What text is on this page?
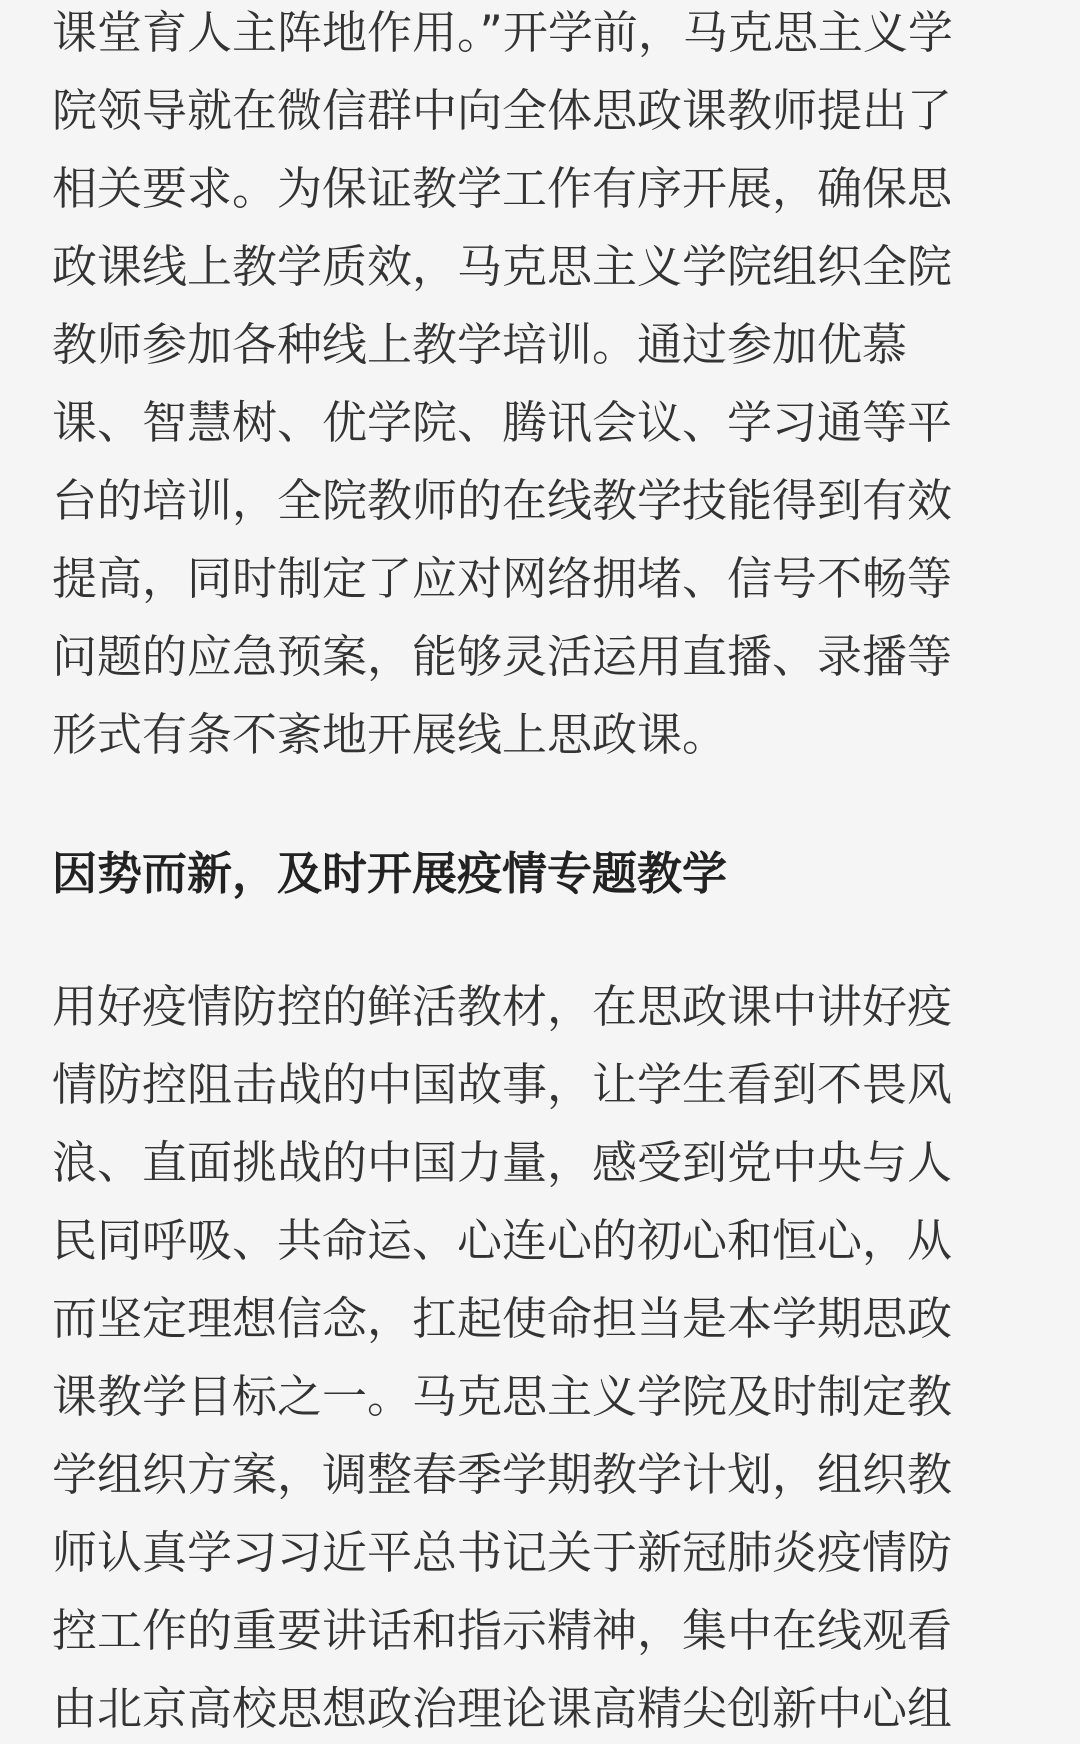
课堂育人主阵地作用。”开学前，马克思主义学
院领导就在微信群中向全体思政课教师提出了
相关要求。为保证教学工作有序开展，确保思
政课线上教学质效，马克思主义学院组织全院
教师参加各种线上教学培训。通过参加优慕
课、智慧树、优学院、腾讯会议、学习通等平
台的培训，全院教师的在线教学技能得到有效
提高，同时制定了应对网络拥堵、信号不畅等
问题的应急预案，能够灵活运用直播、录播等
形式有条不紊地开展线上思政课。
因势而新，及时开展疫情专题教学
用好疫情防控的鲜活教材，在思政课中讲好疫
情防控阻击战的中国故事，让学生看到不畏风
浪、直面挑战的中国力量，感受到党中央与人
民同呼吸、共命运、心连心的初心和恒心，从
而坚定理想信念，扛起使命担当是本学期思政
课教学目标之一。马克思主义学院及时制定教
学组织方案，调整春季学期教学计划，组织教
师认真学习习近平总书记关于新冠肺炎疫情防
控工作的重要讲话和指示精神，集中在线观看
由北京高校思想政治理论课高精尖创新中心组
